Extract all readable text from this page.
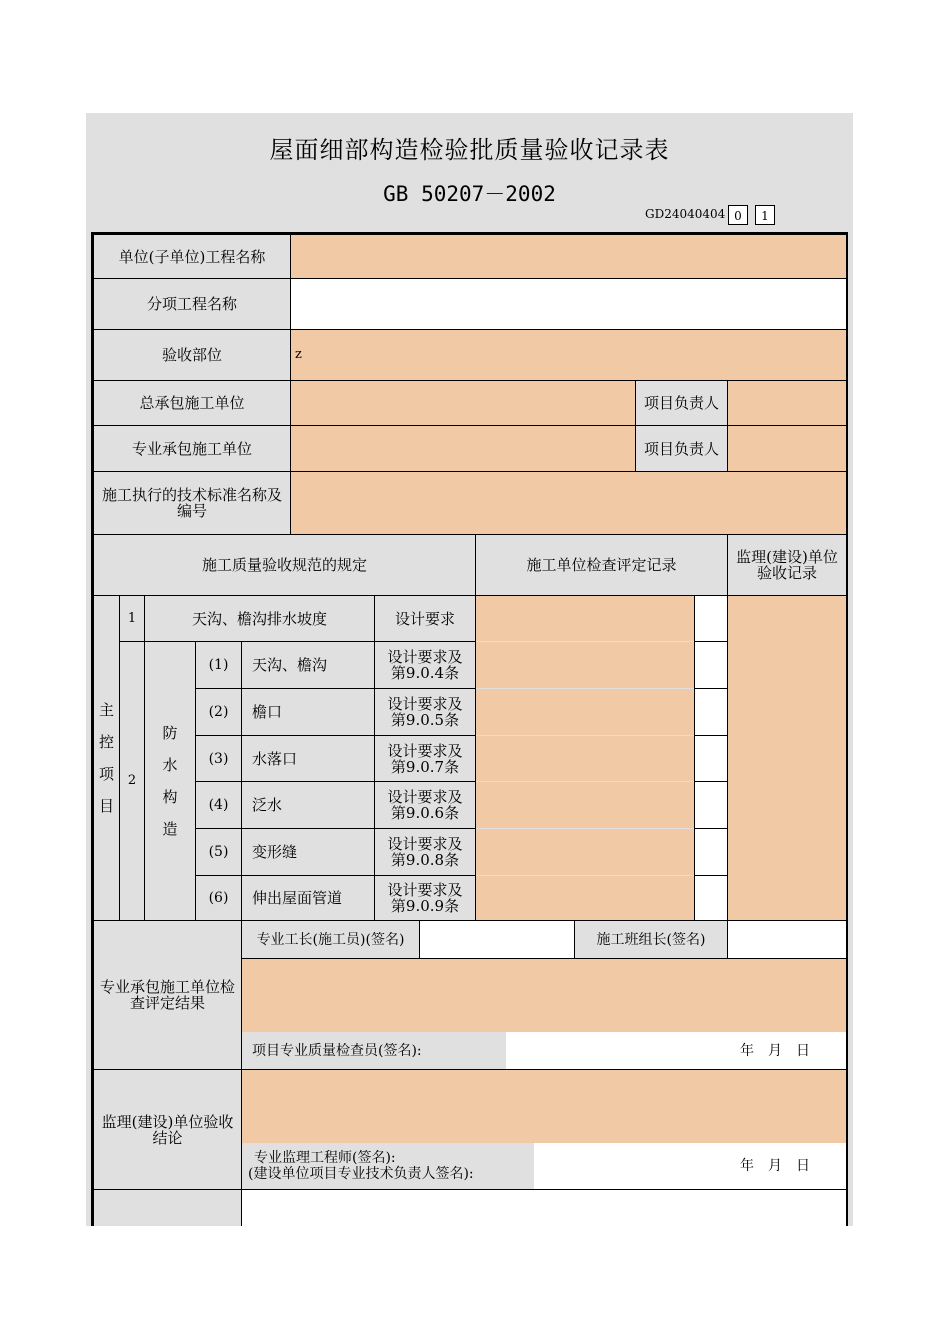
屋面细部构造检验批质量验收记录表
GB 50207－2002
GD24040404 0	1
单位(子单位)工程名称
分项工程名称
验收部位	z
总承包施工单位	项目负责人
专业承包施工单位	项目负责人
施工执行的技术标准名称及编号
施工质量验收规范的规定	施工单位检查评定记录	监理(建设)单位验收记录
主
控
项
目
1	天沟、檐沟排水坡度	设计要求
2
防
水
构
造
(1)	天沟、檐沟	设计要求及第9.0.4条
(2)	檐口	设计要求及第9.0.5条
(3)	水落口	设计要求及第9.0.7条
(4)	泛水	设计要求及第9.0.6条
(5)	变形缝	设计要求及第9.0.8条
(6)	伸出屋面管道	设计要求及第9.0.9条
专业承包施工单位检查评定结果
专业工长(施工员)(签名)	施工班组长(签名)
项目专业质量检查员(签名):	年　月　日
监理(建设)单位验收结论
专业监理工程师(签名):
(建设单位项目专业技术负责人签名):	年　月　日
